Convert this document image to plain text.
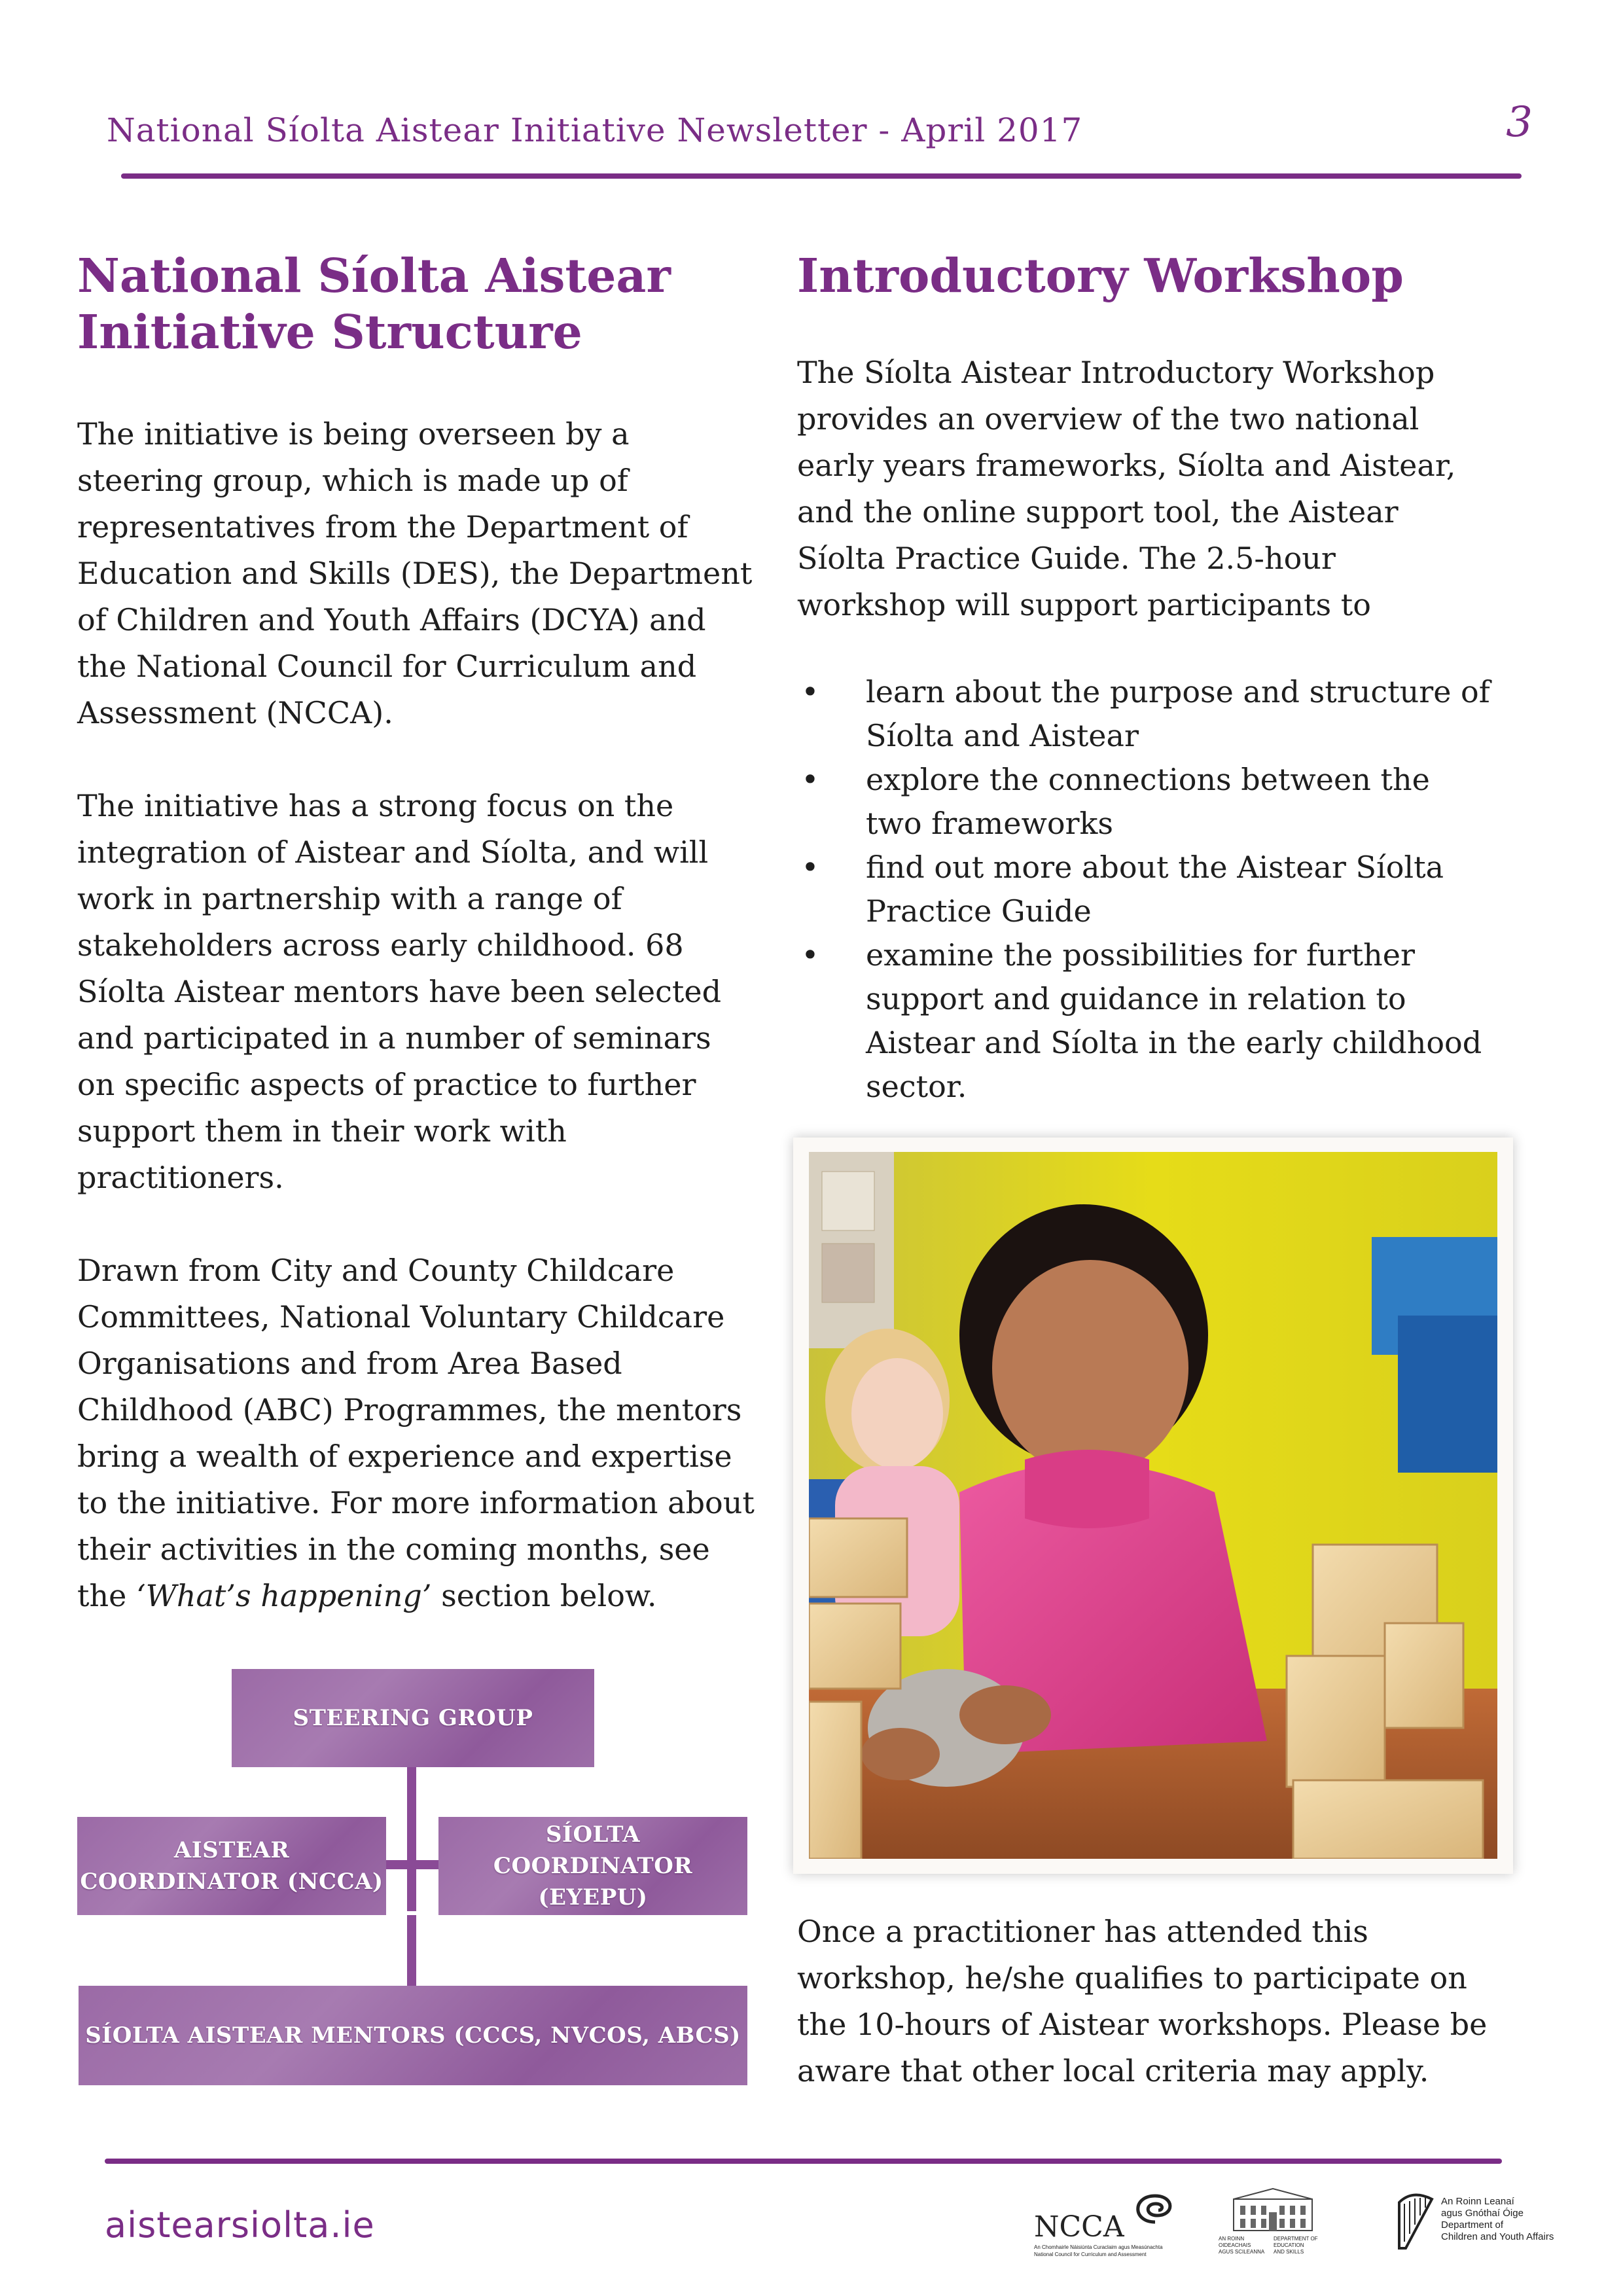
National Síolta Aistear Initiative Newsletter - April 2017	3
National Síolta Aistear
Initiative Structure

The initiative is being overseen by a steering group, which is made up of representatives from the Department of Education and Skills (DES), the Department of Children and Youth Affairs (DCYA) and the National Council for Curriculum and Assessment (NCCA).

The initiative has a strong focus on the integration of Aistear and Síolta, and will work in partnership with a range of stakeholders across early childhood. 68 Síolta Aistear mentors have been selected and participated in a number of seminars on specific aspects of practice to further support them in their work with practitioners.

Drawn from City and County Childcare Committees, National Voluntary Childcare Organisations and from Area Based Childhood (ABC) Programmes, the mentors bring a wealth of experience and expertise to the initiative. For more information about their activities in the coming months, see the ‘What’s happening’ section below.

STEERING GROUP
AISTEAR
COORDINATOR (NCCA)
SÍOLTA
COORDINATOR (EYEPU)
SÍOLTA AISTEAR MENTORS (CCCS, NVCOS, ABCS)
Introductory Workshop

The Síolta Aistear Introductory Workshop provides an overview of the two national early years frameworks, Síolta and Aistear, and the online support tool, the Aistear Síolta Practice Guide. The 2.5-hour workshop will support participants to

• learn about the purpose and structure of Síolta and Aistear
• explore the connections between the two frameworks
• find out more about the Aistear Síolta Practice Guide
• examine the possibilities for further support and guidance in relation to Aistear and Síolta in the early childhood sector.
Once a practitioner has attended this workshop, he/she qualifies to participate on the 10-hours of Aistear workshops. Please be aware that other local criteria may apply.
aistearsiolta.ie	NCCA
An Chomhairle Náisiúnta Curaclaim agus Measúnachta
National Council for Curriculum and Assessment
AN ROINN
OIDEACHAIS
AGUS SCILEANNA
DEPARTMENT OF
EDUCATION
AND SKILLS
An Roinn Leanaí
agus Gnóthaí Óige
Department of
Children and Youth Affairs
